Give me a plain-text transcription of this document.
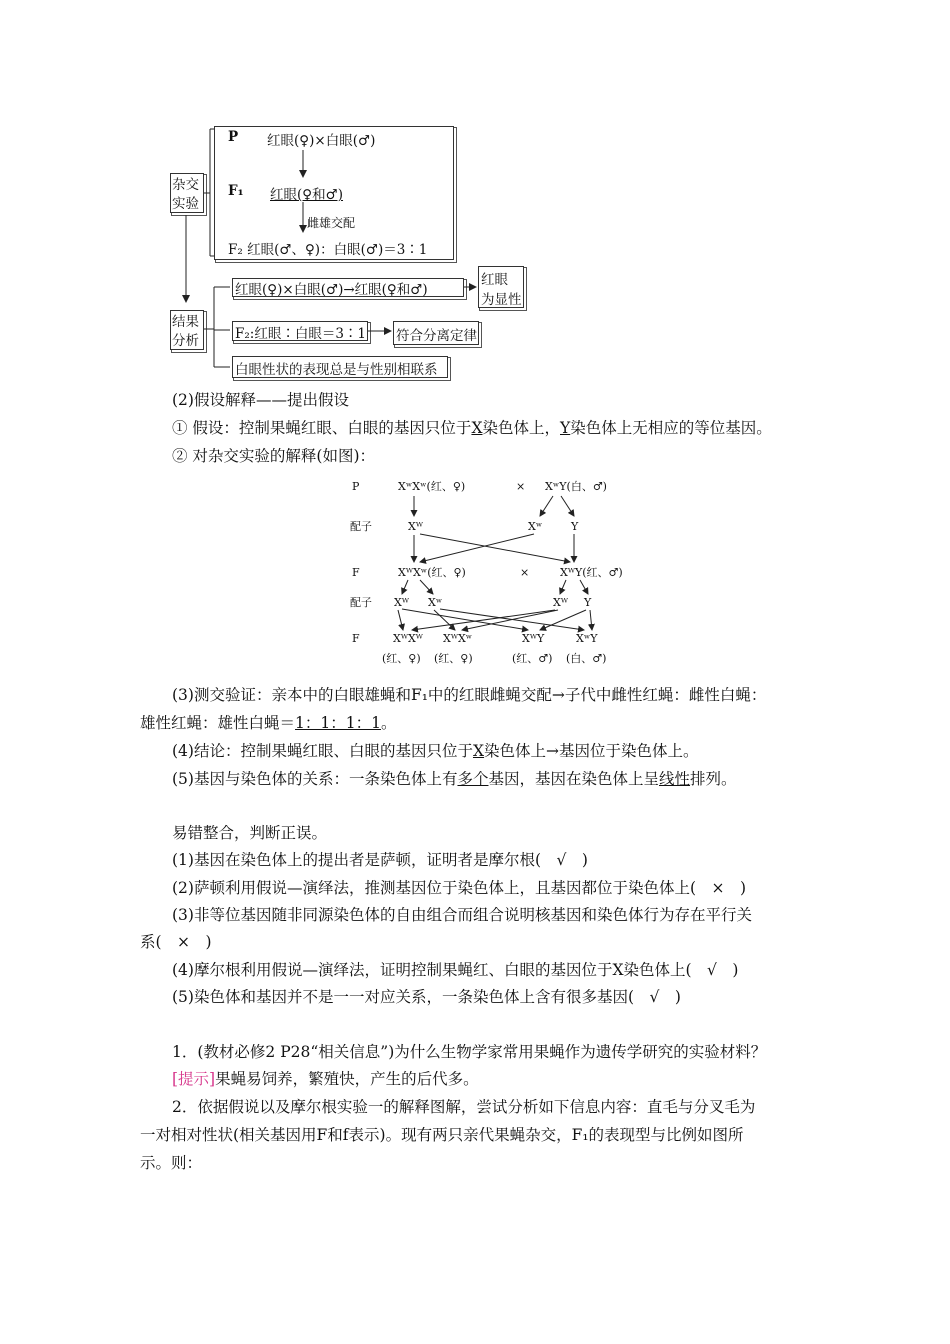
杂交
实验
P 红眼(♀)×白眼(♂)
F₁ 红眼(♀和♂)
雌雄交配
F₂ 红眼(♂、♀)：白眼(♂)＝3∶1
结果
分析
红眼(♀)×白眼(♂)→红眼(♀和♂)
红眼
为显性
F₂:红眼∶白眼＝3∶1 符合分离定律
白眼性状的表现总是与性别相联系
(2)假设解释——提出假设
① 假设：控制果蝇红眼、白眼的基因只位于X染色体上，Y染色体上无相应的等位基因。
② 对杂交实验的解释(如图)：
P
配子
F
配子
F
XʷXʷ(红、♀)	× XʷY(白、♂)
Xᵂ	Xʷ	Y
XᵂXʷ(红、♀)	×	XᵂY(红、♂)
Xᵂ Xʷ	Xᵂ Y
XᵂXᵂ XᵂXʷ	XᵂY	XʷY
(红、♀) (红、♀)	(红、♂) (白、♂)
(3)测交验证：亲本中的白眼雄蝇和F₁中的红眼雌蝇交配→子代中雌性红蝇：雌性白蝇：
雄性红蝇：雄性白蝇＝1：1：1：1。
(4)结论：控制果蝇红眼、白眼的基因只位于X染色体上→基因位于染色体上。
(5)基因与染色体的关系：一条染色体上有多个基因，基因在染色体上呈线性排列。
易错整合，判断正误。
(1)基因在染色体上的提出者是萨顿，证明者是摩尔根(　√　)
(2)萨顿利用假说—演绎法，推测基因位于染色体上，且基因都位于染色体上(　×　)
(3)非等位基因随非同源染色体的自由组合而组合说明核基因和染色体行为存在平行关
系(　×　)
(4)摩尔根利用假说—演绎法，证明控制果蝇红、白眼的基因位于X染色体上(　√　)
(5)染色体和基因并不是一一对应关系，一条染色体上含有很多基因(　√　)
1．(教材必修2 P28“相关信息”)为什么生物学家常用果蝇作为遗传学研究的实验材料？
[提示]果蝇易饲养，繁殖快，产生的后代多。
2．依据假说以及摩尔根实验一的解释图解，尝试分析如下信息内容：直毛与分叉毛为
一对相对性状(相关基因用F和f表示)。现有两只亲代果蝇杂交，F₁的表现型与比例如图所
示。则：
